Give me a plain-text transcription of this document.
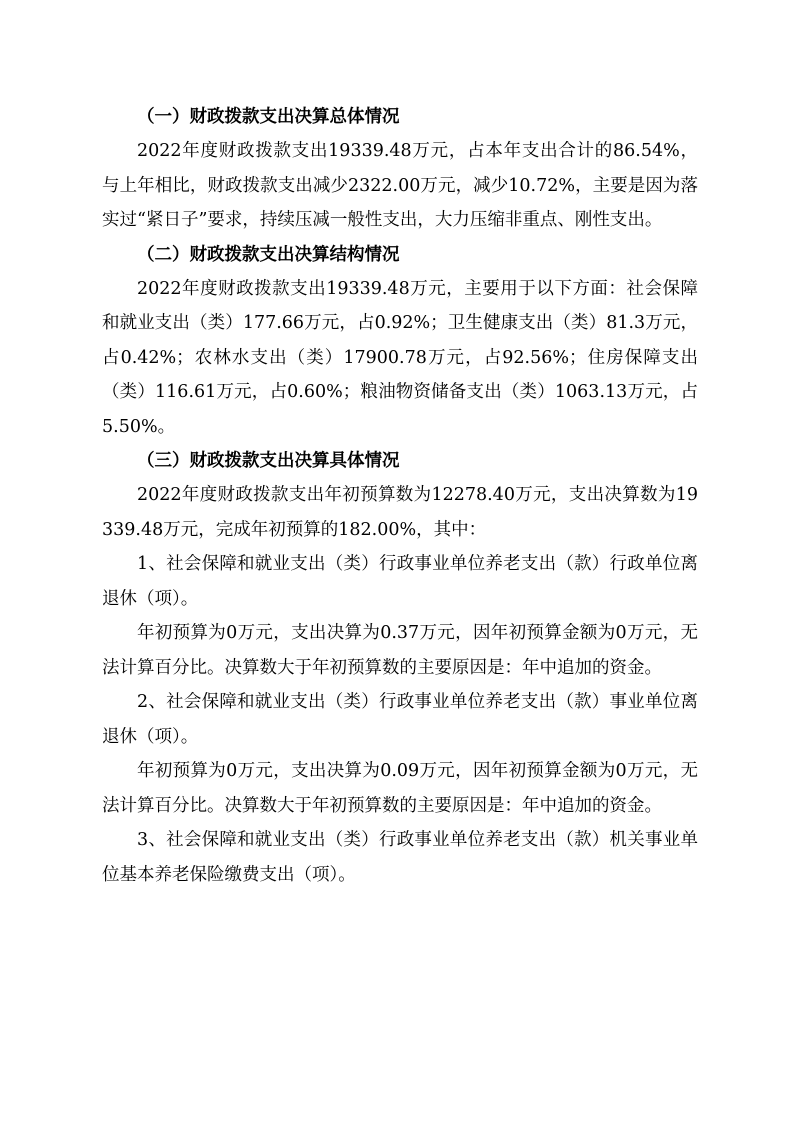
（一）财政拨款支出决算总体情况

2022年度财政拨款支出19339.48万元，占本年支出合计的86.54%，与上年相比，财政拨款支出减少2322.00万元，减少10.72%，主要是因为落实过“紧日子”要求，持续压减一般性支出，大力压缩非重点、刚性支出。

（二）财政拨款支出决算结构情况

2022年度财政拨款支出19339.48万元，主要用于以下方面：社会保障和就业支出（类）177.66万元，占0.92%；卫生健康支出（类）81.3万元，占0.42%；农林水支出（类）17900.78万元，占92.56%；住房保障支出（类）116.61万元，占0.60%；粮油物资储备支出（类）1063.13万元，占5.50%。

（三）财政拨款支出决算具体情况

2022年度财政拨款支出年初预算数为12278.40万元，支出决算数为19339.48万元，完成年初预算的182.00%，其中：

1、社会保障和就业支出（类）行政事业单位养老支出（款）行政单位离退休（项）。

年初预算为0万元，支出决算为0.37万元，因年初预算金额为0万元，无法计算百分比。决算数大于年初预算数的主要原因是：年中追加的资金。

2、社会保障和就业支出（类）行政事业单位养老支出（款）事业单位离退休（项）。

年初预算为0万元，支出决算为0.09万元，因年初预算金额为0万元，无法计算百分比。决算数大于年初预算数的主要原因是：年中追加的资金。

3、社会保障和就业支出（类）行政事业单位养老支出（款）机关事业单位基本养老保险缴费支出（项）。
